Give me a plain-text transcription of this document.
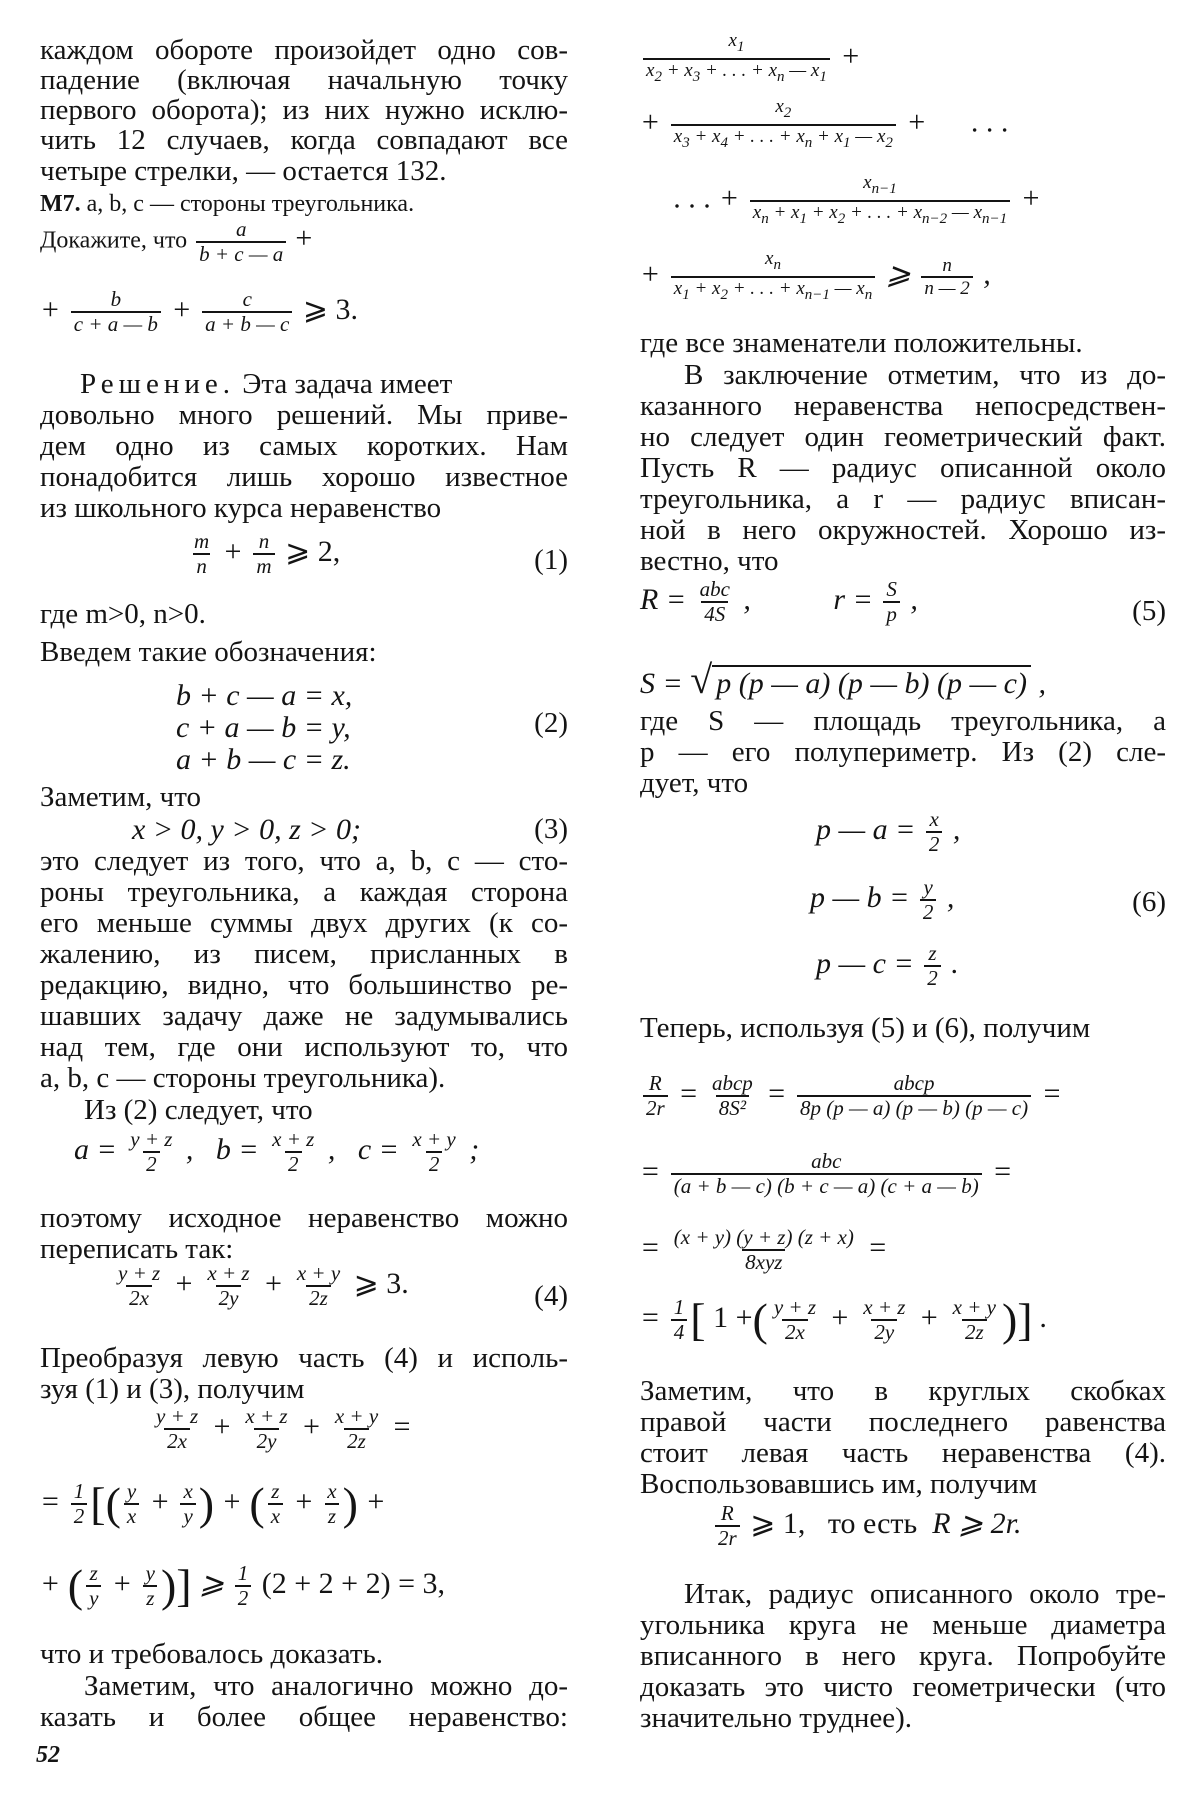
каждом обороте произойдет одно сов-
падение (включая начальную точку
первого оборота); из них нужно исклю-
чить 12 случаев, когда совпадают все
четыре стрелки, — остается 132.
М7. a, b, c — стороны треугольника.
Докажите, что $\frac{a}{b + c — a}$ +
+ $\frac{b}{c + a — b} + \frac{c}{a + b — c}$ ⩾ 3.
Решение. Эта задача имеет
довольно много решений. Мы приве-
дем одно из самых коротких. Нам
понадобится лишь хорошо известное
из школьного курса неравенство
$\frac{m}{n} + \frac{n}{m}$ ⩾ 2,	(1)
где m>0, n>0.
Введем такие обозначения:
b + c — a = x,
c + a — b = y,
a + b — c = z.
(2)
Заметим, что
x > 0, y > 0, z > 0;	(3)
это следует из того, что a, b, c — сто-
роны треугольника, а каждая сторона
его меньше суммы двух других (к со-
жалению, из писем, присланных в
редакцию, видно, что большинство ре-
шавших задачу даже не задумывались
над тем, где они используют то, что
a, b, c — стороны треугольника).
Из (2) следует, что
$a = \frac{y + z}{2}$ ,   $b = \frac{x + z}{2}$ ,   $c = \frac{x + y}{2}$ ;
поэтому исходное неравенство можно
переписать так:
$\frac{y + z}{2x} + \frac{x + z}{2y} + \frac{x + y}{2z}$ ⩾ 3.	(4)
Преобразуя левую часть (4) и исполь-
зуя (1) и (3), получим
$\frac{y + z}{2x} + \frac{x + z}{2y} + \frac{x + y}{2z}$ =
= $\frac{1}{2}$ [( $\frac{y}{x} + \frac{x}{y}$ ) + ( $\frac{z}{x} + \frac{x}{z}$ ) +
+ ( $\frac{z}{y} + \frac{y}{z}$ )] ⩾ $\frac{1}{2} (2 + 2 + 2) = 3$,
что и требовалось доказать.
Заметим, что аналогично можно до-
казать и более общее неравенство:
$\frac{x_1}{x_2 + x_3 + . . . + x_n — x_1}$ +
+ $\frac{x_2}{x_3 + x_4 + . . . + x_n + x_1 — x_2}$ +      . . .
. . . + $\frac{x_{n-1}}{x_n + x_1 + x_2 + . . . + x_{n-2} — x_{n-1}}$ +
+ $\frac{x_n}{x_1 + x_2 + . . . + x_{n-1} — x_n}$ ⩾ $\frac{n}{n — 2}$ ,
где все знаменатели положительны.
В заключение отметим, что из до-
казанного неравенства непосредствен-
но следует один геометрический факт.
Пусть R — радиус описанной около
треугольника, а r — радиус вписан-
ной в него окружностей. Хорошо из-
вестно, что
$R = \frac{\text{abc}}{4S}$ ,           $r = \frac{S}{p}$ ,	(5)
S = √ p (p — a) (p — b) (p — c) ,
где S — площадь треугольника, а
p — его полупериметр. Из (2) сле-
дует, что
p — $a = \frac{x}{2}$ ,
p — $b = \frac{y}{2}$ ,
p — $c = \frac{z}{2}$ .
(6)
Теперь, используя (5) и (6), получим
$\frac{R}{2r} = \frac{\text{abcp}}{\text{8S²}} = \frac{\text{abcp}}{8p (p — a) (p — b) (p — c)}$ =
= $\frac{\text{abc}}{(a + b — c) (b + c — a) (c + a — b)}$ =
= $\frac{(x + y) (y + z) (z + x)}{\text{8xyz}}$ =
= $\frac{1}{4}$ [ 1 +( $\frac{y + z}{2x} + \frac{x + z}{2y} + \frac{x + y}{2z}$ )] .
Заметим, что в круглых скобках
правой части последнего равенства
стоит левая часть неравенства (4).
Воспользовавшись им, получим
$\frac{R}{2r}$ ⩾ 1, то есть  R ⩾ 2r.
Итак, радиус описанного около тре-
угольника круга не меньше диаметра
вписанного в него круга. Попробуйте
доказать это чисто геометрически (что
значительно труднее).
52
